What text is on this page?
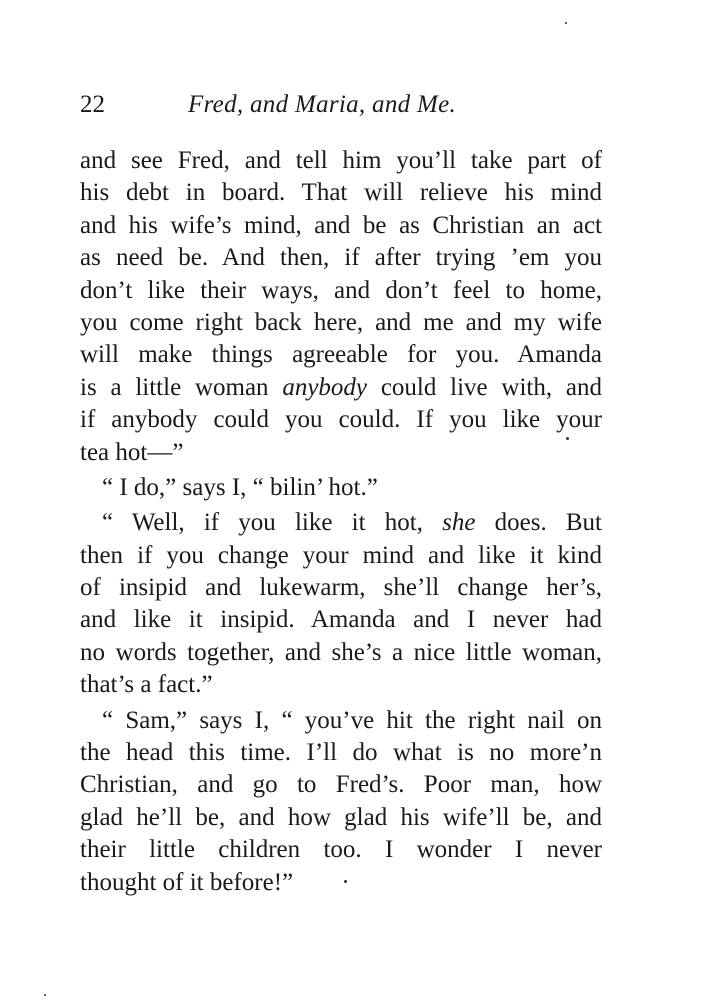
22	Fred, and Maria, and Me.
and see Fred, and tell him you’ll take part of
his debt in board. That will relieve his mind
and his wife’s mind, and be as Christian an act
as need be. And then, if after trying ’em you
don’t like their ways, and don’t feel to home,
you come right back here, and me and my wife
will make things agreeable for you. Amanda
is a little woman anybody could live with, and
if anybody could you could. If you like your
tea hot—”
“ I do,” says I, “ bilin’ hot.”
“ Well, if you like it hot, she does. But
then if you change your mind and like it kind
of insipid and lukewarm, she’ll change her’s,
and like it insipid. Amanda and I never had
no words together, and she’s a nice little woman,
that’s a fact.”
“ Sam,” says I, “ you’ve hit the right nail on
the head this time. I’ll do what is no more’n
Christian, and go to Fred’s. Poor man, how
glad he’ll be, and how glad his wife’ll be, and
their little children too. I wonder I never
thought of it before!”
